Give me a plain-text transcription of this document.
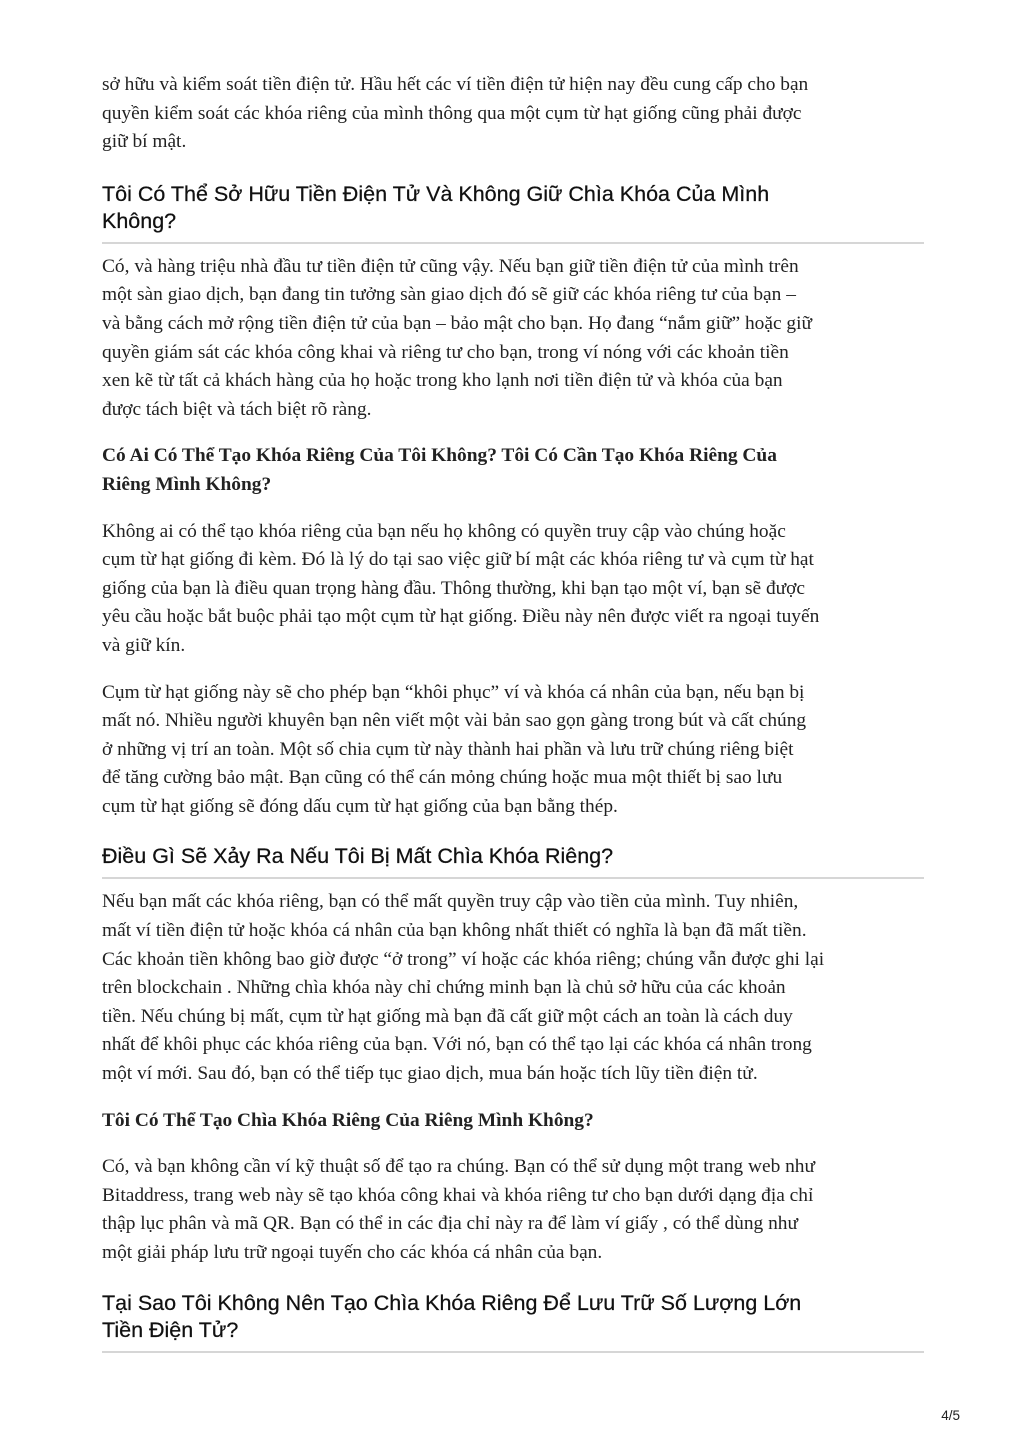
sở hữu và kiểm soát tiền điện tử. Hầu hết các ví tiền điện tử hiện nay đều cung cấp cho bạn
quyền kiểm soát các khóa riêng của mình thông qua một cụm từ hạt giống cũng phải được
giữ bí mật.

Tôi Có Thể Sở Hữu Tiền Điện Tử Và Không Giữ Chìa Khóa Của Mình
Không?

Có, và hàng triệu nhà đầu tư tiền điện tử cũng vậy. Nếu bạn giữ tiền điện tử của mình trên
một sàn giao dịch, bạn đang tin tưởng sàn giao dịch đó sẽ giữ các khóa riêng tư của bạn –
và bằng cách mở rộng tiền điện tử của bạn – bảo mật cho bạn. Họ đang “nắm giữ” hoặc giữ
quyền giám sát các khóa công khai và riêng tư cho bạn, trong ví nóng với các khoản tiền
xen kẽ từ tất cả khách hàng của họ hoặc trong kho lạnh nơi tiền điện tử và khóa của bạn
được tách biệt và tách biệt rõ ràng.

Có Ai Có Thể Tạo Khóa Riêng Của Tôi Không? Tôi Có Cần Tạo Khóa Riêng Của
Riêng Mình Không?

Không ai có thể tạo khóa riêng của bạn nếu họ không có quyền truy cập vào chúng hoặc
cụm từ hạt giống đi kèm. Đó là lý do tại sao việc giữ bí mật các khóa riêng tư và cụm từ hạt
giống của bạn là điều quan trọng hàng đầu. Thông thường, khi bạn tạo một ví, bạn sẽ được
yêu cầu hoặc bắt buộc phải tạo một cụm từ hạt giống. Điều này nên được viết ra ngoại tuyến
và giữ kín.

Cụm từ hạt giống này sẽ cho phép bạn “khôi phục” ví và khóa cá nhân của bạn, nếu bạn bị
mất nó. Nhiều người khuyên bạn nên viết một vài bản sao gọn gàng trong bút và cất chúng
ở những vị trí an toàn. Một số chia cụm từ này thành hai phần và lưu trữ chúng riêng biệt
để tăng cường bảo mật. Bạn cũng có thể cán mỏng chúng hoặc mua một thiết bị sao lưu
cụm từ hạt giống sẽ đóng dấu cụm từ hạt giống của bạn bằng thép.

Điều Gì Sẽ Xảy Ra Nếu Tôi Bị Mất Chìa Khóa Riêng?

Nếu bạn mất các khóa riêng, bạn có thể mất quyền truy cập vào tiền của mình. Tuy nhiên,
mất ví tiền điện tử hoặc khóa cá nhân của bạn không nhất thiết có nghĩa là bạn đã mất tiền.
Các khoản tiền không bao giờ được “ở trong” ví hoặc các khóa riêng; chúng vẫn được ghi lại
trên blockchain . Những chìa khóa này chỉ chứng minh bạn là chủ sở hữu của các khoản
tiền. Nếu chúng bị mất, cụm từ hạt giống mà bạn đã cất giữ một cách an toàn là cách duy
nhất để khôi phục các khóa riêng của bạn. Với nó, bạn có thể tạo lại các khóa cá nhân trong
một ví mới. Sau đó, bạn có thể tiếp tục giao dịch, mua bán hoặc tích lũy tiền điện tử.

Tôi Có Thể Tạo Chìa Khóa Riêng Của Riêng Mình Không?

Có, và bạn không cần ví kỹ thuật số để tạo ra chúng. Bạn có thể sử dụng một trang web như
Bitaddress, trang web này sẽ tạo khóa công khai và khóa riêng tư cho bạn dưới dạng địa chỉ
thập lục phân và mã QR. Bạn có thể in các địa chỉ này ra để làm ví giấy , có thể dùng như
một giải pháp lưu trữ ngoại tuyến cho các khóa cá nhân của bạn.

Tại Sao Tôi Không Nên Tạo Chìa Khóa Riêng Để Lưu Trữ Số Lượng Lớn
Tiền Điện Tử?
4/5
